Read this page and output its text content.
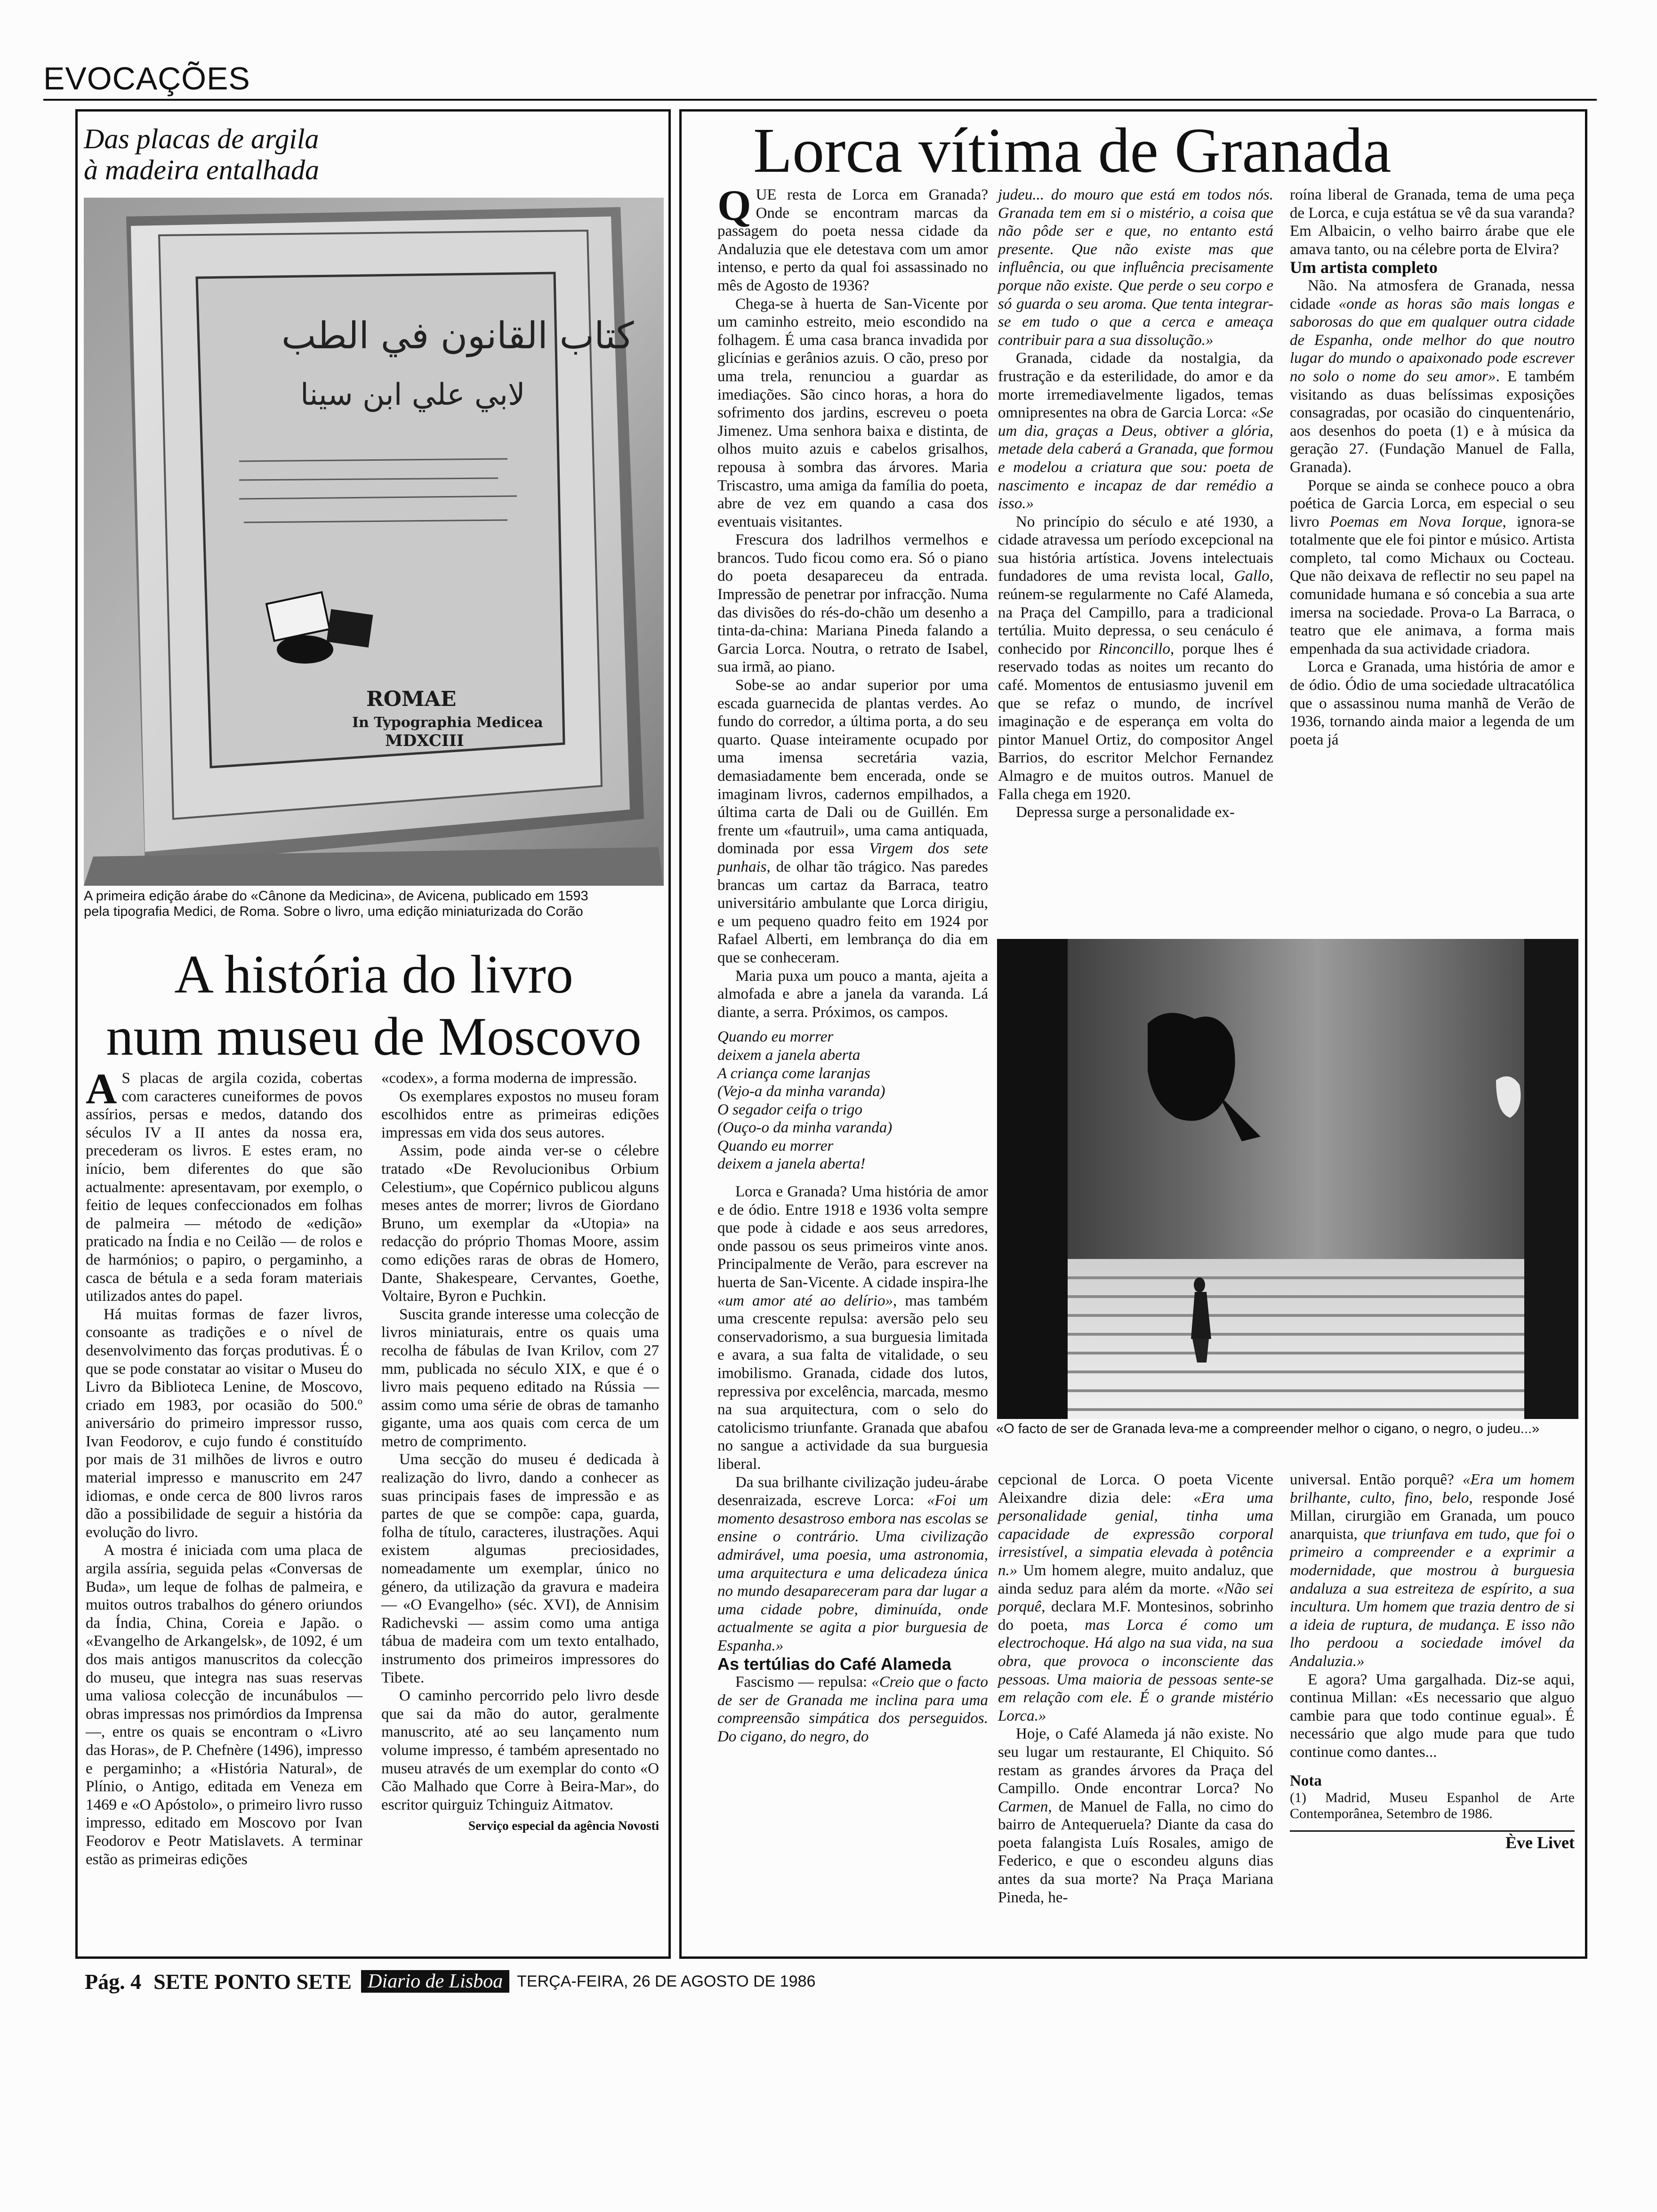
EVOCAÇÕES
Das placas de argila
à madeira entalhada
كتاب القانون في الطب
لابي علي ابن سينا
ROMAE
In Typographia Medicea
MDXCIII
A primeira edição árabe do «Cânone da Medicina», de Avicena, publicado em 1593
pela tipografia Medici, de Roma. Sobre o livro, uma edição miniaturizada do Corão
A história do livro
num museu de Moscovo

A S placas de argila cozida, cobertas com caracteres cuneiformes de povos assírios, persas e medos, datando dos séculos IV a II antes da nossa era, precederam os livros. E estes eram, no início, bem diferentes do que são actualmente: apresentavam, por exemplo, o feitio de leques confeccionados em folhas de palmeira — método de «edição» praticado na Índia e no Ceilão — de rolos e de harmónios; o papiro, o pergaminho, a casca de bétula e a seda foram materiais utilizados antes do papel.

Há muitas formas de fazer livros, consoante as tradições e o nível de desenvolvimento das forças produtivas. É o que se pode constatar ao visitar o Museu do Livro da Biblioteca Lenine, de Moscovo, criado em 1983, por ocasião do 500.º aniversário do primeiro impressor russo, Ivan Feodorov, e cujo fundo é constituído por mais de 31 milhões de livros e outro material impresso e manuscrito em 247 idiomas, e onde cerca de 800 livros raros dão a possibilidade de seguir a história da evolução do livro.

A mostra é iniciada com uma placa de argila assíria, seguida pelas «Conversas de Buda», um leque de folhas de palmeira, e muitos outros trabalhos do género oriundos da Índia, China, Coreia e Japão. o «Evangelho de Arkangelsk», de 1092, é um dos mais antigos manuscritos da colecção do museu, que integra nas suas reservas uma valiosa colecção de incunábulos — obras impressas nos primórdios da Imprensa —, entre os quais se encontram o «Livro das Horas», de P. Chefnère (1496), impresso e pergaminho; a «História Natural», de Plínio, o Antigo, editada em Veneza em 1469 e «O Apóstolo», o primeiro livro russo impresso, editado em Moscovo por Ivan Feodorov e Peotr Matislavets. A terminar estão as primeiras edições

«codex», a forma moderna de impressão.

Os exemplares expostos no museu foram escolhidos entre as primeiras edições impressas em vida dos seus autores.

Assim, pode ainda ver-se o célebre tratado «De Revolucionibus Orbium Celestium», que Copérnico publicou alguns meses antes de morrer; livros de Giordano Bruno, um exemplar da «Utopia» na redacção do próprio Thomas Moore, assim como edições raras de obras de Homero, Dante, Shakespeare, Cervantes, Goethe, Voltaire, Byron e Puchkin.

Suscita grande interesse uma colecção de livros miniaturais, entre os quais uma recolha de fábulas de Ivan Krilov, com 27 mm, publicada no século XIX, e que é o livro mais pequeno editado na Rússia — assim como uma série de obras de tamanho gigante, uma aos quais com cerca de um metro de comprimento.

Uma secção do museu é dedicada à realização do livro, dando a conhecer as suas principais fases de impressão e as partes de que se compõe: capa, guarda, folha de título, caracteres, ilustrações. Aqui existem algumas preciosidades, nomeadamente um exemplar, único no género, da utilização da gravura e madeira — «O Evangelho» (séc. XVI), de Annisim Radichevski — assim como uma antiga tábua de madeira com um texto entalhado, instrumento dos primeiros impressores do Tibete.

O caminho percorrido pelo livro desde que sai da mão do autor, geralmente manuscrito, até ao seu lançamento num volume impresso, é também apresentado no museu através de um exemplar do conto «O Cão Malhado que Corre à Beira-Mar», do escritor quirguiz Tchinguiz Aitmatov.

Serviço especial da agência Novosti

Lorca vítima de Granada

QUE resta de Lorca em Granada? Onde se encontram marcas da passagem do poeta nessa cidade da Andaluzia que ele detestava com um amor intenso, e perto da qual foi assassinado no mês de Agosto de 1936?

Chega-se à huerta de San-Vicente por um caminho estreito, meio escondido na folhagem. É uma casa branca invadida por glicínias e gerânios azuis. O cão, preso por uma trela, renunciou a guardar as imediações. São cinco horas, a hora do sofrimento dos jardins, escreveu o poeta Jimenez. Uma senhora baixa e distinta, de olhos muito azuis e cabelos grisalhos, repousa à sombra das árvores. Maria Triscastro, uma amiga da família do poeta, abre de vez em quando a casa dos eventuais visitantes.

Frescura dos ladrilhos vermelhos e brancos. Tudo ficou como era. Só o piano do poeta desapareceu da entrada. Impressão de penetrar por infracção. Numa das divisões do rés-do-chão um desenho a tinta-da-china: Mariana Pineda falando a Garcia Lorca. Noutra, o retrato de Isabel, sua irmã, ao piano.

Sobe-se ao andar superior por uma escada guarnecida de plantas verdes. Ao fundo do corredor, a última porta, a do seu quarto. Quase inteiramente ocupado por uma imensa secretária vazia, demasiadamente bem encerada, onde se imaginam livros, cadernos empilhados, a última carta de Dali ou de Guillén. Em frente um «fautruil», uma cama antiquada, dominada por essa Virgem dos sete punhais, de olhar tão trágico. Nas paredes brancas um cartaz da Barraca, teatro universitário ambulante que Lorca dirigiu, e um pequeno quadro feito em 1924 por Rafael Alberti, em lembrança do dia em que se conheceram.

Maria puxa um pouco a manta, ajeita a almofada e abre a janela da varanda. Lá diante, a serra. Próximos, os campos.

Quando eu morrer
deixem a janela aberta
A criança come laranjas
(Vejo-a da minha varanda)
O segador ceifa o trigo
(Ouço-o da minha varanda)
Quando eu morrer
deixem a janela aberta!

Lorca e Granada? Uma história de amor e de ódio. Entre 1918 e 1936 volta sempre que pode à cidade e aos seus arredores, onde passou os seus primeiros vinte anos. Principalmente de Verão, para escrever na huerta de San-Vicente. A cidade inspira-lhe «um amor até ao delírio», mas também uma crescente repulsa: aversão pelo seu conservadorismo, a sua burguesia limitada e avara, a sua falta de vitalidade, o seu imobilismo. Granada, cidade dos lutos, repressiva por excelência, marcada, mesmo na sua arquitectura, com o selo do catolicismo triunfante. Granada que abafou no sangue a actividade da sua burguesia liberal.

Da sua brilhante civilização judeu-árabe desenraizada, escreve Lorca: «Foi um momento desastroso embora nas escolas se ensine o contrário. Uma civilização admirável, uma poesia, uma astronomia, uma arquitectura e uma delicadeza única no mundo desapareceram para dar lugar a uma cidade pobre, diminuída, onde actualmente se agita a pior burguesia de Espanha.»

As tertúlias do Café Alameda

Fascismo — repulsa: «Creio que o facto de ser de Granada me inclina para uma compreensão simpática dos perseguidos. Do cigano, do negro, do

judeu... do mouro que está em todos nós. Granada tem em si o mistério, a coisa que não pôde ser e que, no entanto está presente. Que não existe mas que influência, ou que influência precisamente porque não existe. Que perde o seu corpo e só guarda o seu aroma. Que tenta integrar-se em tudo o que a cerca e ameaça contribuir para a sua dissolução.»

Granada, cidade da nostalgia, da frustração e da esterilidade, do amor e da morte irremediavelmente ligados, temas omnipresentes na obra de Garcia Lorca: «Se um dia, graças a Deus, obtiver a glória, metade dela caberá a Granada, que formou e modelou a criatura que sou: poeta de nascimento e incapaz de dar remédio a isso.»

No princípio do século e até 1930, a cidade atravessa um período excepcional na sua história artística. Jovens intelectuais fundadores de uma revista local, Gallo, reúnem-se regularmente no Café Alameda, na Praça del Campillo, para a tradicional tertúlia. Muito depressa, o seu cenáculo é conhecido por Rinconcillo, porque lhes é reservado todas as noites um recanto do café. Momentos de entusiasmo juvenil em que se refaz o mundo, de incrível imaginação e de esperança em volta do pintor Manuel Ortiz, do compositor Angel Barrios, do escritor Melchor Fernandez Almagro e de muitos outros. Manuel de Falla chega em 1920.

Depressa surge a personalidade ex-

roína liberal de Granada, tema de uma peça de Lorca, e cuja estátua se vê da sua varanda? Em Albaicin, o velho bairro árabe que ele amava tanto, ou na célebre porta de Elvira?

Um artista completo

Não. Na atmosfera de Granada, nessa cidade «onde as horas são mais longas e saborosas do que em qualquer outra cidade de Espanha, onde melhor do que noutro lugar do mundo o apaixonado pode escrever no solo o nome do seu amor». E também visitando as duas belíssimas exposições consagradas, por ocasião do cinquentenário, aos desenhos do poeta (1) e à música da geração 27. (Fundação Manuel de Falla, Granada).

Porque se ainda se conhece pouco a obra poética de Garcia Lorca, em especial o seu livro Poemas em Nova Iorque, ignora-se totalmente que ele foi pintor e músico. Artista completo, tal como Michaux ou Cocteau. Que não deixava de reflectir no seu papel na comunidade humana e só concebia a sua arte imersa na sociedade. Prova-o La Barraca, o teatro que ele animava, a forma mais empenhada da sua actividade criadora.

Lorca e Granada, uma história de amor e de ódio. Ódio de uma sociedade ultracatólica que o assassinou numa manhã de Verão de 1936, tornando ainda maior a legenda de um poeta já

«O facto de ser de Granada leva-me a compreender melhor o cigano, o negro, o judeu...»

cepcional de Lorca. O poeta Vicente Aleixandre dizia dele: «Era uma personalidade genial, tinha uma capacidade de expressão corporal irresistível, a simpatia elevada à potência n.» Um homem alegre, muito andaluz, que ainda seduz para além da morte. «Não sei porquê, declara M.F. Montesinos, sobrinho do poeta, mas Lorca é como um electrochoque. Há algo na sua vida, na sua obra, que provoca o inconsciente das pessoas. Uma maioria de pessoas sente-se em relação com ele. É o grande mistério Lorca.»

Hoje, o Café Alameda já não existe. No seu lugar um restaurante, El Chiquito. Só restam as grandes árvores da Praça del Campillo. Onde encontrar Lorca? No Carmen, de Manuel de Falla, no cimo do bairro de Antequeruela? Diante da casa do poeta falangista Luís Rosales, amigo de Federico, e que o escondeu alguns dias antes da sua morte? Na Praça Mariana Pineda, he-

universal. Então porquê? «Era um homem brilhante, culto, fino, belo, responde José Millan, cirurgião em Granada, um pouco anarquista, que triunfava em tudo, que foi o primeiro a compreender e a exprimir a modernidade, que mostrou à burguesia andaluza a sua estreiteza de espírito, a sua incultura. Um homem que trazia dentro de si a ideia de ruptura, de mudança. E isso não lho perdoou a sociedade imóvel da Andaluzia.»

E agora? Uma gargalhada. Diz-se aqui, continua Millan: «Es necessario que alguo cambie para que todo continue egual». É necessário que algo mude para que tudo continue como dantes...

Nota

(1) Madrid, Museu Espanhol de Arte Contemporânea, Setembro de 1986.

Ève Livet

Pág. 4 SETE PONTO SETE Diario de Lisboa TERÇA-FEIRA, 26 DE AGOSTO DE 1986
